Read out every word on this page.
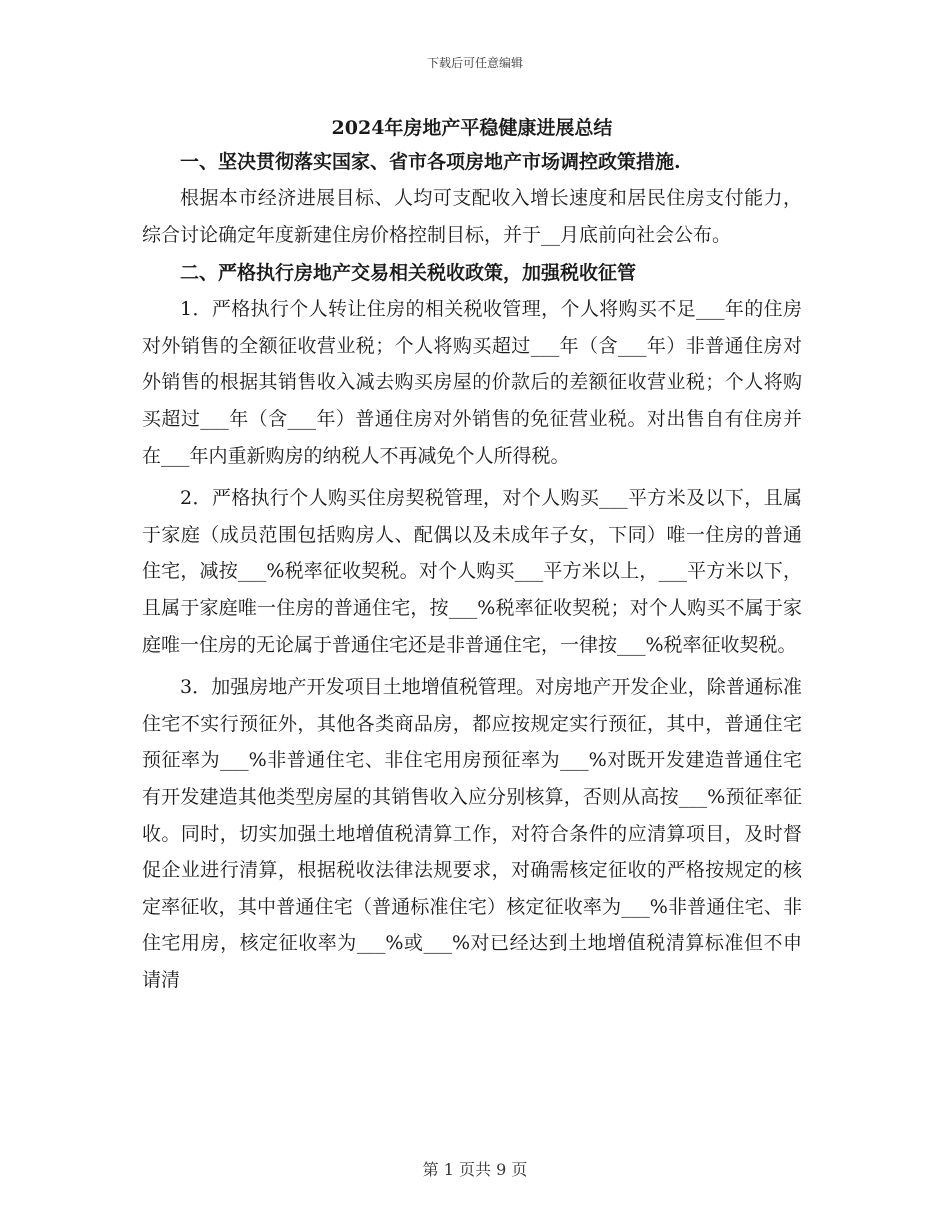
下载后可任意编辑

2024年房地产平稳健康进展总结

一、坚决贯彻落实国家、省市各项房地产市场调控政策措施.

根据本市经济进展目标、人均可支配收入增长速度和居民住房支付能力，综合讨论确定年度新建住房价格控制目标，并于__月底前向社会公布。

二、严格执行房地产交易相关税收政策，加强税收征管

1．严格执行个人转让住房的相关税收管理，个人将购买不足___年的住房对外销售的全额征收营业税；个人将购买超过___年（含___年）非普通住房对外销售的根据其销售收入减去购买房屋的价款后的差额征收营业税；个人将购买超过___年（含___年）普通住房对外销售的免征营业税。对出售自有住房并在___年内重新购房的纳税人不再减免个人所得税。

2．严格执行个人购买住房契税管理，对个人购买___平方米及以下，且属于家庭（成员范围包括购房人、配偶以及未成年子女，下同）唯一住房的普通住宅，减按___%税率征收契税。对个人购买___平方米以上，___平方米以下，且属于家庭唯一住房的普通住宅，按___%税率征收契税；对个人购买不属于家庭唯一住房的无论属于普通住宅还是非普通住宅，一律按___%税率征收契税。

3．加强房地产开发项目土地增值税管理。对房地产开发企业，除普通标准住宅不实行预征外，其他各类商品房，都应按规定实行预征，其中，普通住宅预征率为___%非普通住宅、非住宅用房预征率为___%对既开发建造普通住宅有开发建造其他类型房屋的其销售收入应分别核算，否则从高按___%预征率征收。同时，切实加强土地增值税清算工作，对符合条件的应清算项目，及时督促企业进行清算，根据税收法律法规要求，对确需核定征收的严格按规定的核定率征收，其中普通住宅（普通标准住宅）核定征收率为___%非普通住宅、非住宅用房，核定征收率为___%或___%对已经达到土地增值税清算标准但不申请清

第 1 页共 9 页
